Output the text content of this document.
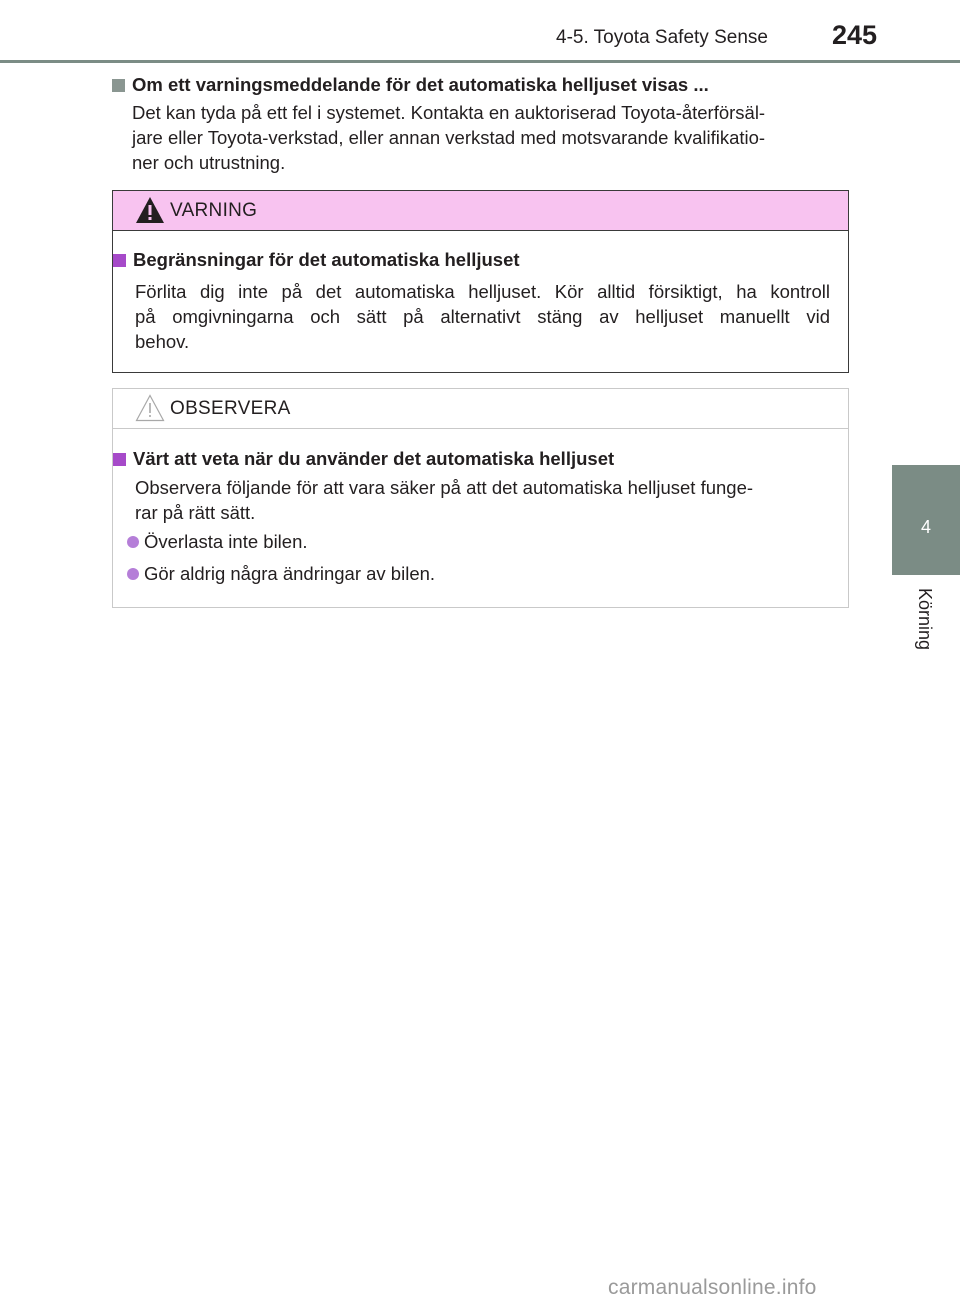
4-5. Toyota Safety Sense 245
4
Körning
Om ett varningsmeddelande för det automatiska helljuset visas ...
Det kan tyda på ett fel i systemet. Kontakta en auktoriserad Toyota-återförsäl-
jare eller Toyota-verkstad, eller annan verkstad med motsvarande kvalifikatio-
ner och utrustning.
VARNING
Begränsningar för det automatiska helljuset
Förlita dig inte på det automatiska helljuset. Kör alltid försiktigt, ha kontroll
på omgivningarna och sätt på alternativt stäng av helljuset manuellt vid
behov.
OBSERVERA
Värt att veta när du använder det automatiska helljuset
Observera följande för att vara säker på att det automatiska helljuset funge-
rar på rätt sätt.
Överlasta inte bilen.
Gör aldrig några ändringar av bilen.
carmanualsonline.info
